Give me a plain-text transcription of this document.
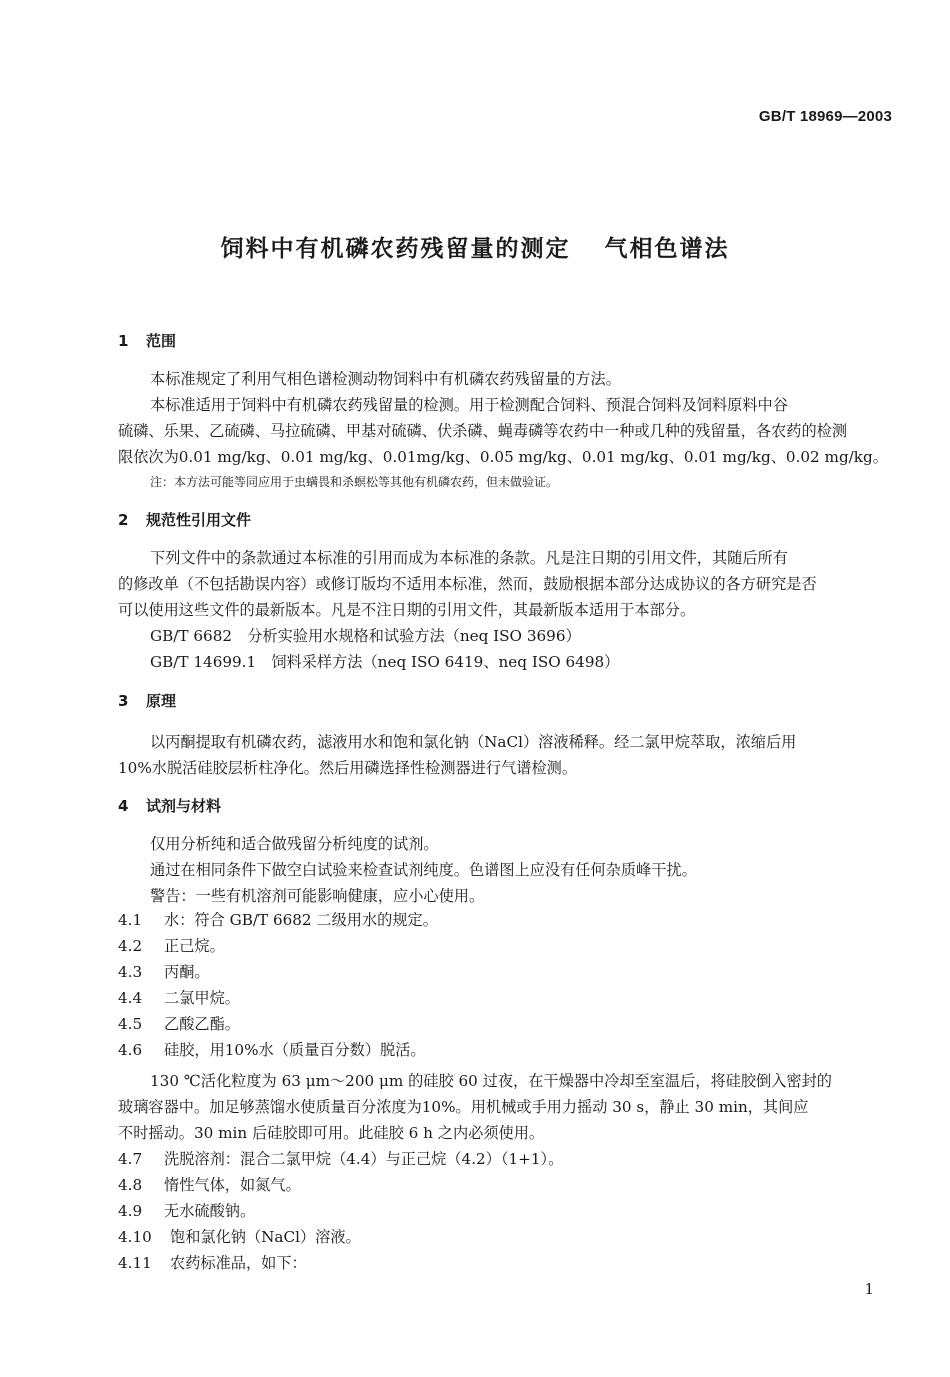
GB/T 18969—2003
饲料中有机磷农药残留量的测定 气相色谱法
1 范围
本标准规定了利用气相色谱检测动物饲料中有机磷农药残留量的方法。
本标准适用于饲料中有机磷农药残留量的检测。用于检测配合饲料、预混合饲料及饲料原料中谷
硫磷、乐果、乙硫磷、马拉硫磷、甲基对硫磷、伏杀磷、蝇毒磷等农药中一种或几种的残留量，各农药的检测
限依次为0.01 mg/kg、0.01 mg/kg、0.01mg/kg、0.05 mg/kg、0.01 mg/kg、0.01 mg/kg、0.02 mg/kg。
注：本方法可能等同应用于虫螨畏和杀螟松等其他有机磷农药，但未做验证。
2 规范性引用文件
下列文件中的条款通过本标准的引用而成为本标准的条款。凡是注日期的引用文件，其随后所有
的修改单（不包括勘误内容）或修订版均不适用本标准，然而，鼓励根据本部分达成协议的各方研究是否
可以使用这些文件的最新版本。凡是不注日期的引用文件，其最新版本适用于本部分。
GB/T 6682　分析实验用水规格和试验方法（neq ISO 3696）
GB/T 14699.1　饲料采样方法（neq ISO 6419、neq ISO 6498）
3 原理
以丙酮提取有机磷农药，滤液用水和饱和氯化钠（NaCl）溶液稀释。经二氯甲烷萃取，浓缩后用
10%水脱活硅胶层析柱净化。然后用磷选择性检测器进行气谱检测。
4 试剂与材料
仅用分析纯和适合做残留分析纯度的试剂。
通过在相同条件下做空白试验来检查试剂纯度。色谱图上应没有任何杂质峰干扰。
警告：一些有机溶剂可能影响健康，应小心使用。
4.1 水：符合 GB/T 6682 二级用水的规定。
4.2 正己烷。
4.3 丙酮。
4.4 二氯甲烷。
4.5 乙酸乙酯。
4.6 硅胶，用10%水（质量百分数）脱活。
130 ℃活化粒度为 63 μm～200 μm 的硅胶 60 过夜，在干燥器中冷却至室温后，将硅胶倒入密封的
玻璃容器中。加足够蒸馏水使质量百分浓度为10%。用机械或手用力摇动 30 s，静止 30 min，其间应
不时摇动。30 min 后硅胶即可用。此硅胶 6 h 之内必须使用。
4.7 洗脱溶剂：混合二氯甲烷（4.4）与正己烷（4.2）（1+1）。
4.8 惰性气体，如氮气。
4.9 无水硫酸钠。
4.10 饱和氯化钠（NaCl）溶液。
4.11 农药标准品，如下：
1
